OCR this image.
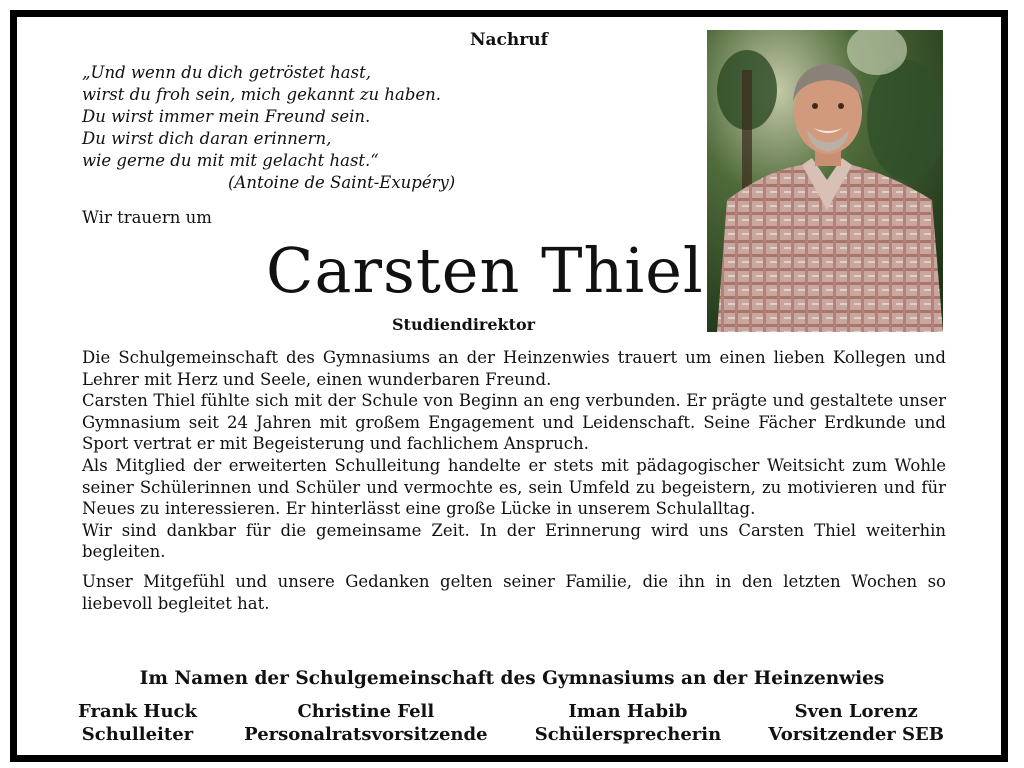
Nachruf
„Und wenn du dich getröstet hast,
wirst du froh sein, mich gekannt zu haben.
Du wirst immer mein Freund sein.
Du wirst dich daran erinnern,
wie gerne du mit mit gelacht hast.“
(Antoine de Saint-Exupéry)
Wir trauern um
Carsten Thiel
Studiendirektor

Die Schulgemeinschaft des Gymnasiums an der Heinzenwies trauert um einen lieben Kollegen und Lehrer mit Herz und Seele, einen wunderbaren Freund.

Carsten Thiel fühlte sich mit der Schule von Beginn an eng verbunden. Er prägte und gestaltete unser Gymnasium seit 24 Jahren mit großem Engagement und Leidenschaft. Seine Fächer Erdkunde und Sport vertrat er mit Begeisterung und fachlichem Anspruch.

Als Mitglied der erweiterten Schulleitung handelte er stets mit pädagogischer Weitsicht zum Wohle seiner Schülerinnen und Schüler und vermochte es, sein Umfeld zu begeistern, zu motivieren und für Neues zu interessieren. Er hinterlässt eine große Lücke in unserem Schulalltag.

Wir sind dankbar für die gemeinsame Zeit. In der Erinnerung wird uns Carsten Thiel weiterhin begleiten.

Unser Mitgefühl und unsere Gedanken gelten seiner Familie, die ihn in den letzten Wochen so liebevoll begleitet hat.

Im Namen der Schulgemeinschaft des Gymnasiums an der Heinzenwies
Frank Huck
Schulleiter
Christine Fell
Personalratsvorsitzende
Iman Habib
Schülersprecherin
Sven Lorenz
Vorsitzender SEB
